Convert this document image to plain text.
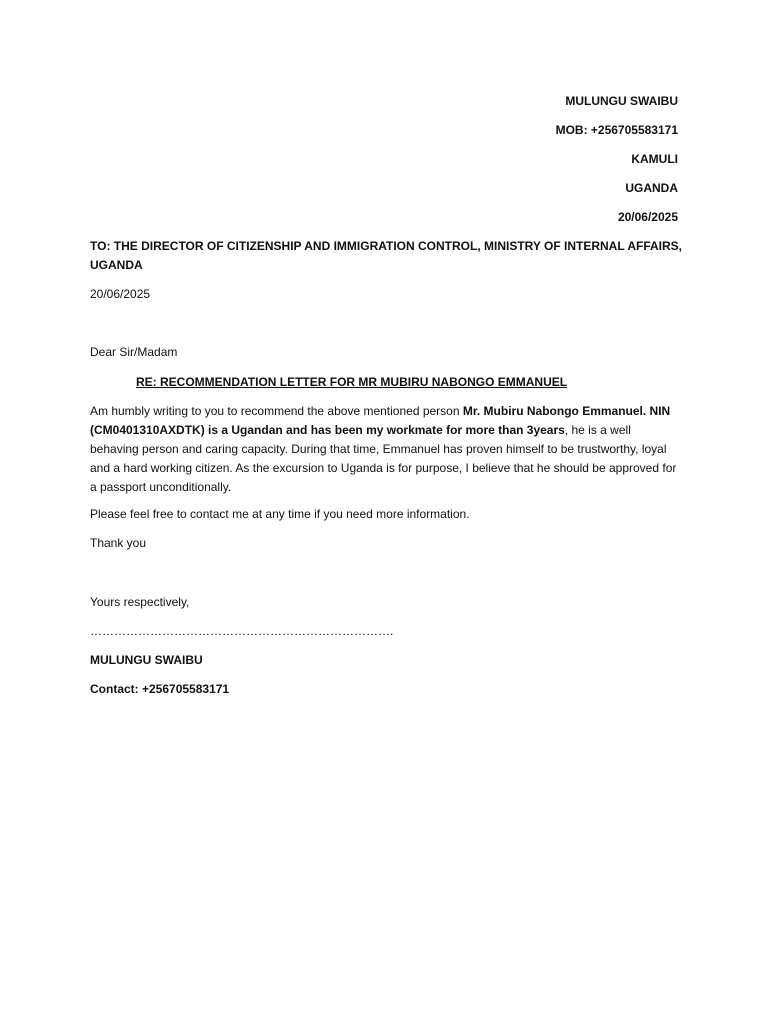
MULUNGU SWAIBU
MOB: +256705583171
KAMULI
UGANDA
20/06/2025
TO: THE DIRECTOR OF CITIZENSHIP AND IMMIGRATION CONTROL, MINISTRY OF INTERNAL AFFAIRS,
UGANDA
20/06/2025
Dear Sir/Madam
RE: RECOMMENDATION LETTER FOR MR MUBIRU NABONGO EMMANUEL
Am humbly writing to you to recommend the above mentioned person Mr. Mubiru Nabongo Emmanuel. NIN (CM0401310AXDTK) is a Ugandan and has been my workmate for more than 3years, he is a well behaving person and caring capacity. During that time, Emmanuel has proven himself to be trustworthy, loyal and a hard working citizen. As the excursion to Uganda is for purpose, I believe that he should be approved for a passport unconditionally.
Please feel free to contact me at any time if you need more information.
Thank you
Yours respectively,
………………………………………………………………….
MULUNGU SWAIBU
Contact: +256705583171
